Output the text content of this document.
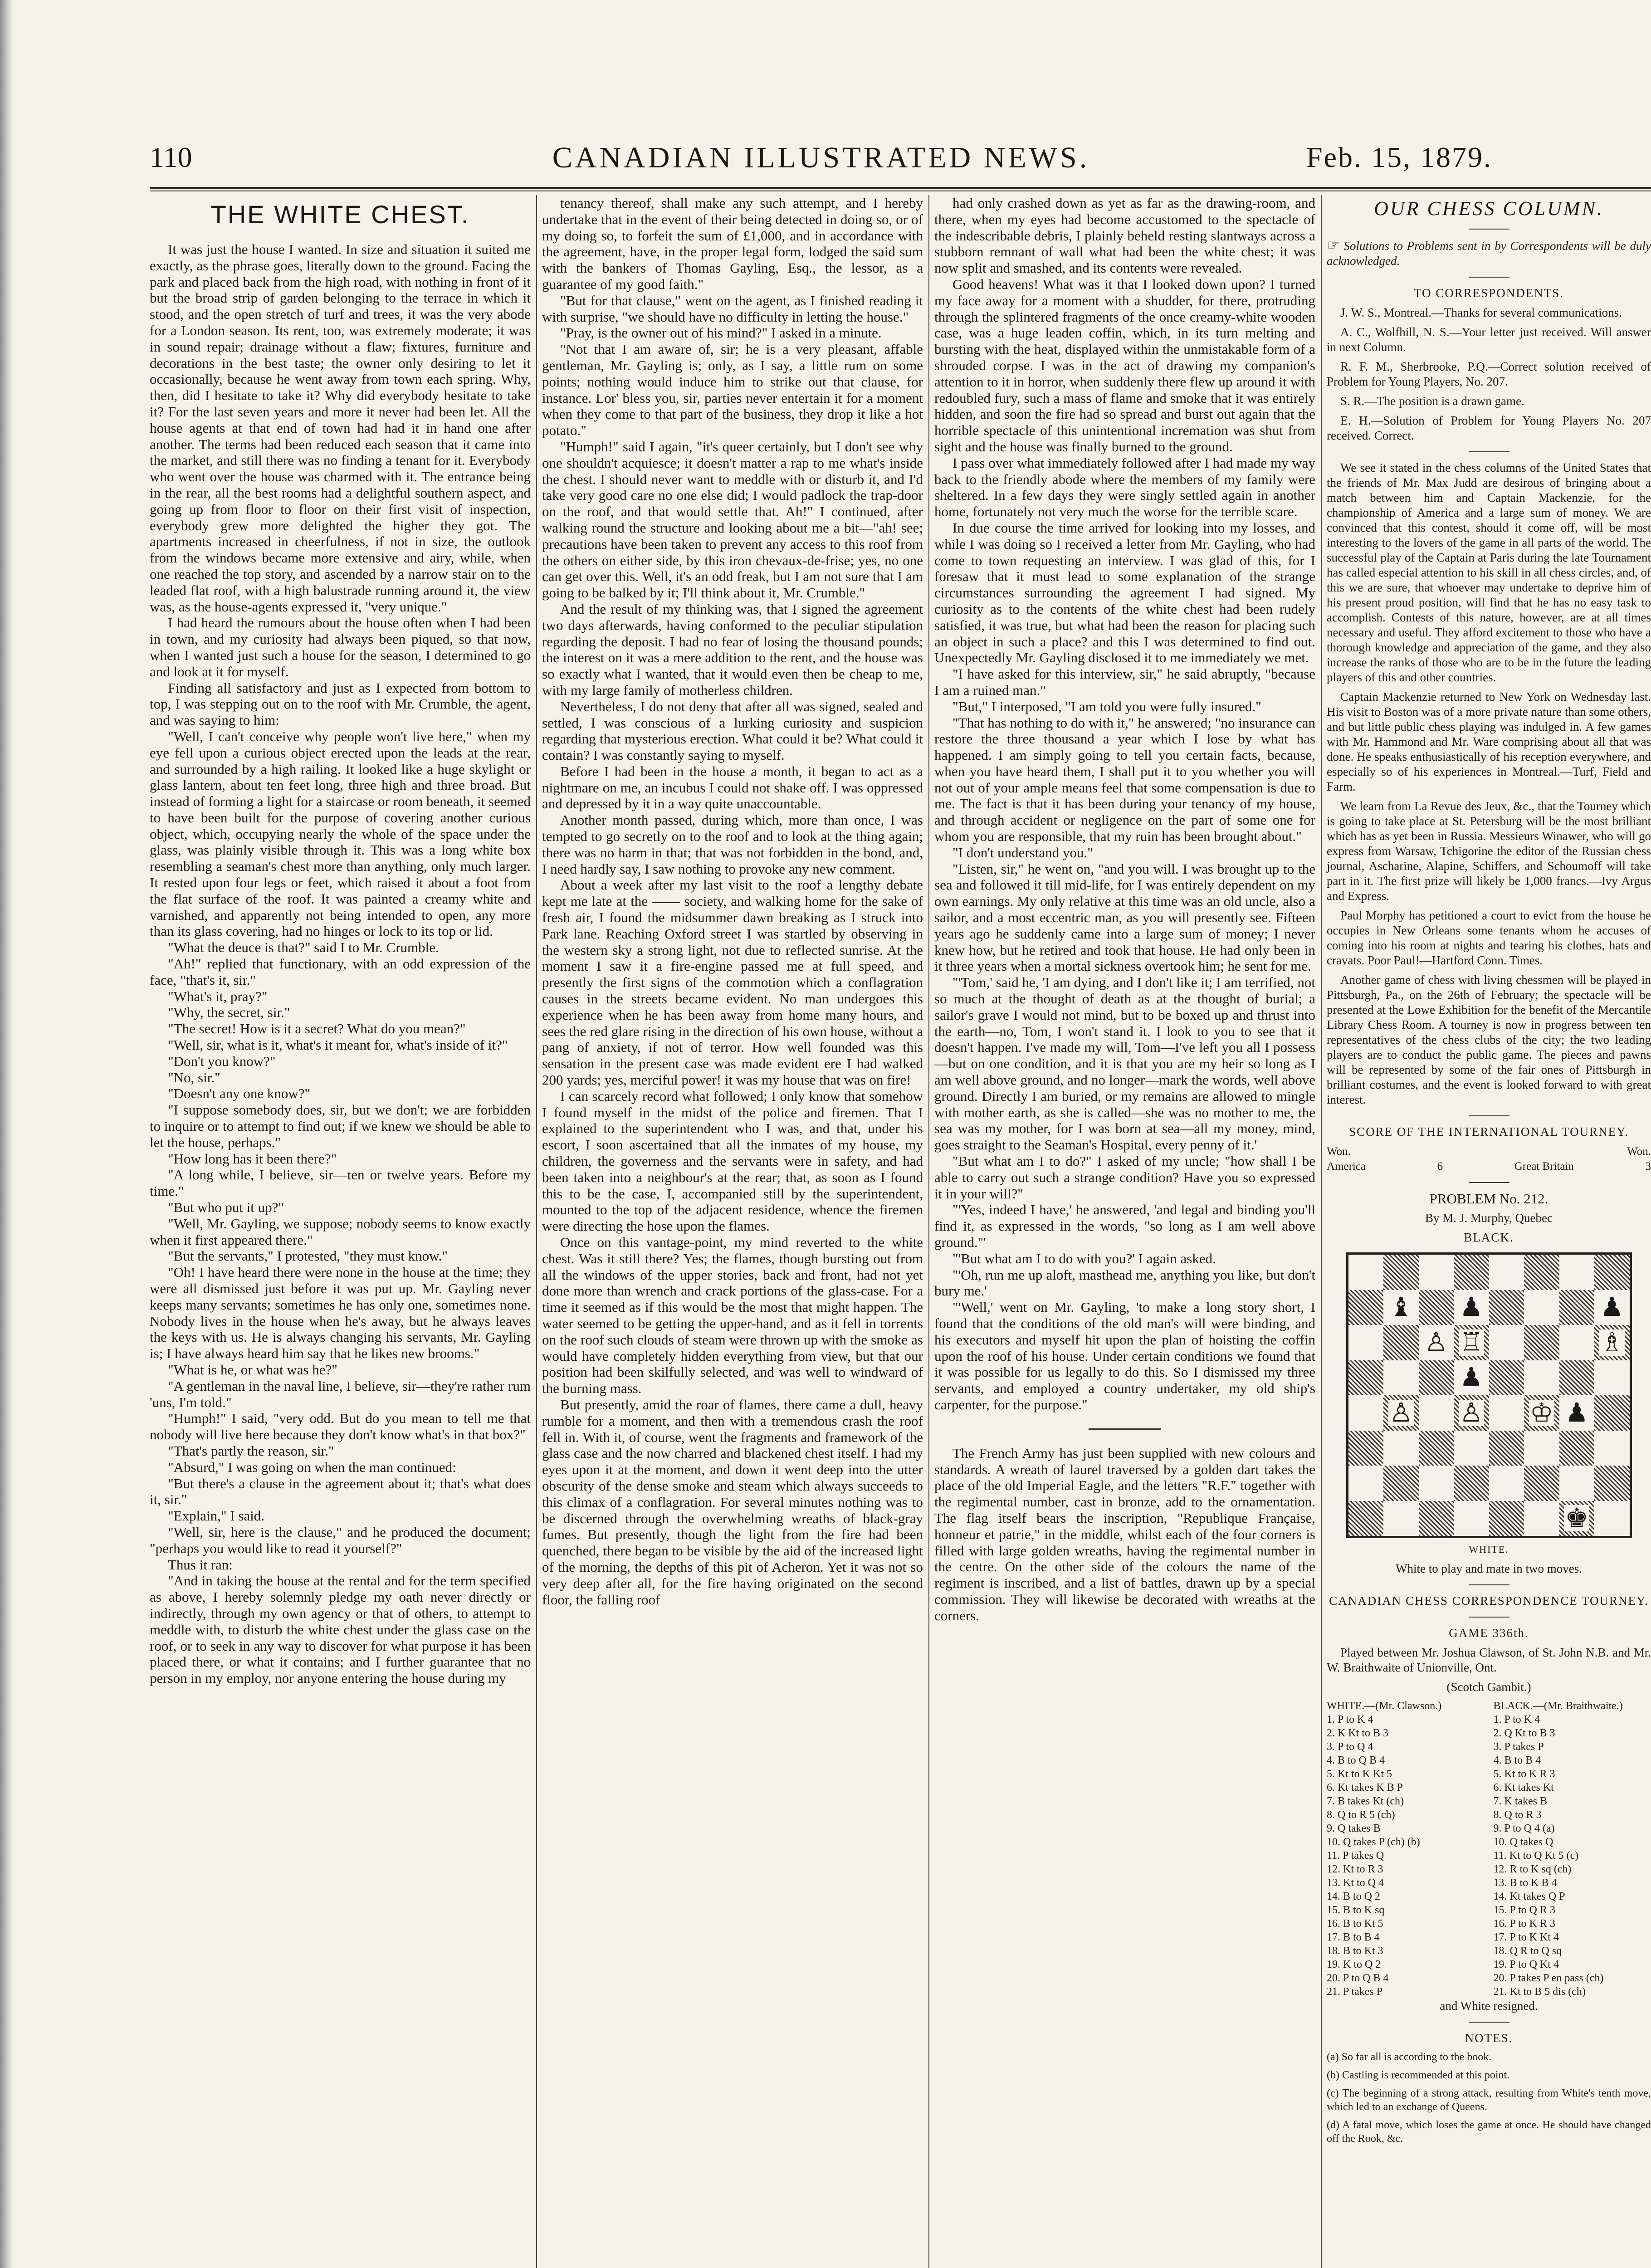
110	CANADIAN ILLUSTRATED NEWS.	Feb. 15, 1879.
THE WHITE CHEST.

It was just the house I wanted. In size and situation it suited me exactly, as the phrase goes, literally down to the ground. Facing the park and placed back from the high road, with nothing in front of it but the broad strip of garden belonging to the terrace in which it stood, and the open stretch of turf and trees, it was the very abode for a London season. Its rent, too, was extremely moderate; it was in sound repair; drainage without a flaw; fixtures, furniture and decorations in the best taste; the owner only desiring to let it occasionally, because he went away from town each spring. Why, then, did I hesitate to take it? Why did everybody hesitate to take it? For the last seven years and more it never had been let. All the house agents at that end of town had had it in hand one after another. The terms had been reduced each season that it came into the market, and still there was no finding a tenant for it. Everybody who went over the house was charmed with it. The entrance being in the rear, all the best rooms had a delightful southern aspect, and going up from floor to floor on their first visit of inspection, everybody grew more delighted the higher they got. The apartments increased in cheerfulness, if not in size, the outlook from the windows became more extensive and airy, while, when one reached the top story, and ascended by a narrow stair on to the leaded flat roof, with a high balustrade running around it, the view was, as the house-agents expressed it, "very unique."

I had heard the rumours about the house often when I had been in town, and my curiosity had always been piqued, so that now, when I wanted just such a house for the season, I determined to go and look at it for myself.

Finding all satisfactory and just as I expected from bottom to top, I was stepping out on to the roof with Mr. Crumble, the agent, and was saying to him:

"Well, I can't conceive why people won't live here," when my eye fell upon a curious object erected upon the leads at the rear, and surrounded by a high railing. It looked like a huge skylight or glass lantern, about ten feet long, three high and three broad. But instead of forming a light for a staircase or room beneath, it seemed to have been built for the purpose of covering another curious object, which, occupying nearly the whole of the space under the glass, was plainly visible through it. This was a long white box resembling a seaman's chest more than anything, only much larger. It rested upon four legs or feet, which raised it about a foot from the flat surface of the roof. It was painted a creamy white and varnished, and apparently not being intended to open, any more than its glass covering, had no hinges or lock to its top or lid.

"What the deuce is that?" said I to Mr. Crumble.

"Ah!" replied that functionary, with an odd expression of the face, "that's it, sir."

"What's it, pray?"

"Why, the secret, sir."

"The secret! How is it a secret? What do you mean?"

"Well, sir, what is it, what's it meant for, what's inside of it?"

"Don't you know?"

"No, sir."

"Doesn't any one know?"

"I suppose somebody does, sir, but we don't; we are forbidden to inquire or to attempt to find out; if we knew we should be able to let the house, perhaps."

"How long has it been there?"

"A long while, I believe, sir—ten or twelve years. Before my time."

"But who put it up?"

"Well, Mr. Gayling, we suppose; nobody seems to know exactly when it first appeared there."

"But the servants," I protested, "they must know."

"Oh! I have heard there were none in the house at the time; they were all dismissed just before it was put up. Mr. Gayling never keeps many servants; sometimes he has only one, sometimes none. Nobody lives in the house when he's away, but he always leaves the keys with us. He is always changing his servants, Mr. Gayling is; I have always heard him say that he likes new brooms."

"What is he, or what was he?"

"A gentleman in the naval line, I believe, sir—they're rather rum 'uns, I'm told."

"Humph!" I said, "very odd. But do you mean to tell me that nobody will live here because they don't know what's in that box?"

"That's partly the reason, sir."

"Absurd," I was going on when the man continued:

"But there's a clause in the agreement about it; that's what does it, sir."

"Explain," I said.

"Well, sir, here is the clause," and he produced the document; "perhaps you would like to read it yourself?"

Thus it ran:

"And in taking the house at the rental and for the term specified as above, I hereby solemnly pledge my oath never directly or indirectly, through my own agency or that of others, to attempt to meddle with, to disturb the white chest under the glass case on the roof, or to seek in any way to discover for what purpose it has been placed there, or what it contains; and I further guarantee that no person in my employ, nor anyone entering the house during my

tenancy thereof, shall make any such attempt, and I hereby undertake that in the event of their being detected in doing so, or of my doing so, to forfeit the sum of £1,000, and in accordance with the agreement, have, in the proper legal form, lodged the said sum with the bankers of Thomas Gayling, Esq., the lessor, as a guarantee of my good faith."

"But for that clause," went on the agent, as I finished reading it with surprise, "we should have no difficulty in letting the house."

"Pray, is the owner out of his mind?" I asked in a minute.

"Not that I am aware of, sir; he is a very pleasant, affable gentleman, Mr. Gayling is; only, as I say, a little rum on some points; nothing would induce him to strike out that clause, for instance. Lor' bless you, sir, parties never entertain it for a moment when they come to that part of the business, they drop it like a hot potato."

"Humph!" said I again, "it's queer certainly, but I don't see why one shouldn't acquiesce; it doesn't matter a rap to me what's inside the chest. I should never want to meddle with or disturb it, and I'd take very good care no one else did; I would padlock the trap-door on the roof, and that would settle that. Ah!" I continued, after walking round the structure and looking about me a bit—"ah! see; precautions have been taken to prevent any access to this roof from the others on either side, by this iron chevaux-de-frise; yes, no one can get over this. Well, it's an odd freak, but I am not sure that I am going to be balked by it; I'll think about it, Mr. Crumble."

And the result of my thinking was, that I signed the agreement two days afterwards, having conformed to the peculiar stipulation regarding the deposit. I had no fear of losing the thousand pounds; the interest on it was a mere addition to the rent, and the house was so exactly what I wanted, that it would even then be cheap to me, with my large family of motherless children.

Nevertheless, I do not deny that after all was signed, sealed and settled, I was conscious of a lurking curiosity and suspicion regarding that mysterious erection. What could it be? What could it contain? I was constantly saying to myself.

Before I had been in the house a month, it began to act as a nightmare on me, an incubus I could not shake off. I was oppressed and depressed by it in a way quite unaccountable.

Another month passed, during which, more than once, I was tempted to go secretly on to the roof and to look at the thing again; there was no harm in that; that was not forbidden in the bond, and, I need hardly say, I saw nothing to provoke any new comment.

About a week after my last visit to the roof a lengthy debate kept me late at the —— society, and walking home for the sake of fresh air, I found the midsummer dawn breaking as I struck into Park lane. Reaching Oxford street I was startled by observing in the western sky a strong light, not due to reflected sunrise. At the moment I saw it a fire-engine passed me at full speed, and presently the first signs of the commotion which a conflagration causes in the streets became evident. No man undergoes this experience when he has been away from home many hours, and sees the red glare rising in the direction of his own house, without a pang of anxiety, if not of terror. How well founded was this sensation in the present case was made evident ere I had walked 200 yards; yes, merciful power! it was my house that was on fire!

I can scarcely record what followed; I only know that somehow I found myself in the midst of the police and firemen. That I explained to the superintendent who I was, and that, under his escort, I soon ascertained that all the inmates of my house, my children, the governess and the servants were in safety, and had been taken into a neighbour's at the rear; that, as soon as I found this to be the case, I, accompanied still by the superintendent, mounted to the top of the adjacent residence, whence the firemen were directing the hose upon the flames.

Once on this vantage-point, my mind reverted to the white chest. Was it still there? Yes; the flames, though bursting out from all the windows of the upper stories, back and front, had not yet done more than wrench and crack portions of the glass-case. For a time it seemed as if this would be the most that might happen. The water seemed to be getting the upper-hand, and as it fell in torrents on the roof such clouds of steam were thrown up with the smoke as would have completely hidden everything from view, but that our position had been skilfully selected, and was well to windward of the burning mass.

But presently, amid the roar of flames, there came a dull, heavy rumble for a moment, and then with a tremendous crash the roof fell in. With it, of course, went the fragments and framework of the glass case and the now charred and blackened chest itself. I had my eyes upon it at the moment, and down it went deep into the utter obscurity of the dense smoke and steam which always succeeds to this climax of a conflagration. For several minutes nothing was to be discerned through the overwhelming wreaths of black-gray fumes. But presently, though the light from the fire had been quenched, there began to be visible by the aid of the increased light of the morning, the depths of this pit of Acheron. Yet it was not so very deep after all, for the fire having originated on the second floor, the falling roof

had only crashed down as yet as far as the drawing-room, and there, when my eyes had become accustomed to the spectacle of the indescribable debris, I plainly beheld resting slantways across a stubborn remnant of wall what had been the white chest; it was now split and smashed, and its contents were revealed.

Good heavens! What was it that I looked down upon? I turned my face away for a moment with a shudder, for there, protruding through the splintered fragments of the once creamy-white wooden case, was a huge leaden coffin, which, in its turn melting and bursting with the heat, displayed within the unmistakable form of a shrouded corpse. I was in the act of drawing my companion's attention to it in horror, when suddenly there flew up around it with redoubled fury, such a mass of flame and smoke that it was entirely hidden, and soon the fire had so spread and burst out again that the horrible spectacle of this unintentional incremation was shut from sight and the house was finally burned to the ground.

I pass over what immediately followed after I had made my way back to the friendly abode where the members of my family were sheltered. In a few days they were singly settled again in another home, fortunately not very much the worse for the terrible scare.

In due course the time arrived for looking into my losses, and while I was doing so I received a letter from Mr. Gayling, who had come to town requesting an interview. I was glad of this, for I foresaw that it must lead to some explanation of the strange circumstances surrounding the agreement I had signed. My curiosity as to the contents of the white chest had been rudely satisfied, it was true, but what had been the reason for placing such an object in such a place? and this I was determined to find out. Unexpectedly Mr. Gayling disclosed it to me immediately we met.

"I have asked for this interview, sir," he said abruptly, "because I am a ruined man."

"But," I interposed, "I am told you were fully insured."

"That has nothing to do with it," he answered; "no insurance can restore the three thousand a year which I lose by what has happened. I am simply going to tell you certain facts, because, when you have heard them, I shall put it to you whether you will not out of your ample means feel that some compensation is due to me. The fact is that it has been during your tenancy of my house, and through accident or negligence on the part of some one for whom you are responsible, that my ruin has been brought about."

"I don't understand you."

"Listen, sir," he went on, "and you will. I was brought up to the sea and followed it till mid-life, for I was entirely dependent on my own earnings. My only relative at this time was an old uncle, also a sailor, and a most eccentric man, as you will presently see. Fifteen years ago he suddenly came into a large sum of money; I never knew how, but he retired and took that house. He had only been in it three years when a mortal sickness overtook him; he sent for me.

"'Tom,' said he, 'I am dying, and I don't like it; I am terrified, not so much at the thought of death as at the thought of burial; a sailor's grave I would not mind, but to be boxed up and thrust into the earth—no, Tom, I won't stand it. I look to you to see that it doesn't happen. I've made my will, Tom—I've left you all I possess—but on one condition, and it is that you are my heir so long as I am well above ground, and no longer—mark the words, well above ground. Directly I am buried, or my remains are allowed to mingle with mother earth, as she is called—she was no mother to me, the sea was my mother, for I was born at sea—all my money, mind, goes straight to the Seaman's Hospital, every penny of it.'

"But what am I to do?" I asked of my uncle; "how shall I be able to carry out such a strange condition? Have you so expressed it in your will?"

"'Yes, indeed I have,' he answered, 'and legal and binding you'll find it, as expressed in the words, "so long as I am well above ground."'

"'But what am I to do with you?' I again asked.

"'Oh, run me up aloft, masthead me, anything you like, but don't bury me.'

"'Well,' went on Mr. Gayling, 'to make a long story short, I found that the conditions of the old man's will were binding, and his executors and myself hit upon the plan of hoisting the coffin upon the roof of his house. Under certain conditions we found that it was possible for us legally to do this. So I dismissed my three servants, and employed a country undertaker, my old ship's carpenter, for the purpose."

The French Army has just been supplied with new colours and standards. A wreath of laurel traversed by a golden dart takes the place of the old Imperial Eagle, and the letters "R.F." together with the regimental number, cast in bronze, add to the ornamentation. The flag itself bears the inscription, "Republique Française, honneur et patrie," in the middle, whilst each of the four corners is filled with large golden wreaths, having the regimental number in the centre. On the other side of the colours the name of the regiment is inscribed, and a list of battles, drawn up by a special commission. They will likewise be decorated with wreaths at the corners.

OUR CHESS COLUMN.

☞ Solutions to Problems sent in by Correspondents will be duly acknowledged.

TO CORRESPONDENTS.

J. W. S., Montreal.—Thanks for several communications.

A. C., Wolfhill, N. S.—Your letter just received. Will answer in next Column.

R. F. M., Sherbrooke, P.Q.—Correct solution received of Problem for Young Players, No. 207.

S. R.—The position is a drawn game.

E. H.—Solution of Problem for Young Players No. 207 received. Correct.

We see it stated in the chess columns of the United States that the friends of Mr. Max Judd are desirous of bringing about a match between him and Captain Mackenzie, for the championship of America and a large sum of money. We are convinced that this contest, should it come off, will be most interesting to the lovers of the game in all parts of the world. The successful play of the Captain at Paris during the late Tournament has called especial attention to his skill in all chess circles, and, of this we are sure, that whoever may undertake to deprive him of his present proud position, will find that he has no easy task to accomplish. Contests of this nature, however, are at all times necessary and useful. They afford excitement to those who have a thorough knowledge and appreciation of the game, and they also increase the ranks of those who are to be in the future the leading players of this and other countries.

Captain Mackenzie returned to New York on Wednesday last. His visit to Boston was of a more private nature than some others, and but little public chess playing was indulged in. A few games with Mr. Hammond and Mr. Ware comprising about all that was done. He speaks enthusiastically of his reception everywhere, and especially so of his experiences in Montreal.—Turf, Field and Farm.

We learn from La Revue des Jeux, &c., that the Tourney which is going to take place at St. Petersburg will be the most brilliant which has as yet been in Russia. Messieurs Winawer, who will go express from Warsaw, Tchigorine the editor of the Russian chess journal, Ascharine, Alapine, Schiffers, and Schoumoff will take part in it. The first prize will likely be 1,000 francs.—Ivy Argus and Express.

Paul Morphy has petitioned a court to evict from the house he occupies in New Orleans some tenants whom he accuses of coming into his room at nights and tearing his clothes, hats and cravats. Poor Paul!—Hartford Conn. Times.

Another game of chess with living chessmen will be played in Pittsburgh, Pa., on the 26th of February; the spectacle will be presented at the Lowe Exhibition for the benefit of the Mercantile Library Chess Room. A tourney is now in progress between ten representatives of the chess clubs of the city; the two leading players are to conduct the public game. The pieces and pawns will be represented by some of the fair ones of Pittsburgh in brilliant costumes, and the event is looked forward to with great interest.

SCORE OF THE INTERNATIONAL TOURNEY.

Won.	Won.
America	6	Great Britain	3

PROBLEM No. 212.

By M. J. Murphy, Quebec

BLACK.

♝ ♟	♟
♙ ♖	♗
♟
♙ ♙ ♔ ♟
♚

WHITE.

White to play and mate in two moves.

CANADIAN CHESS CORRESPONDENCE TOURNEY.

GAME 336th.

Played between Mr. Joshua Clawson, of St. John N.B. and Mr. W. Braithwaite of Unionville, Ont.

(Scotch Gambit.)

WHITE.—(Mr. Clawson.)	BLACK.—(Mr. Braithwaite.)
1. P to K 4	1. P to K 4
2. K Kt to B 3	2. Q Kt to B 3
3. P to Q 4	3. P takes P
4. B to Q B 4	4. B to B 4
5. Kt to K Kt 5	5. Kt to K R 3
6. Kt takes K B P	6. Kt takes Kt
7. B takes Kt (ch)	7. K takes B
8. Q to R 5 (ch)	8. Q to R 3
9. Q takes B	9. P to Q 4 (a)
10. Q takes P (ch) (b)	10. Q takes Q
11. P takes Q	11. Kt to Q Kt 5 (c)
12. Kt to R 3	12. R to K sq (ch)
13. Kt to Q 4	13. B to K B 4
14. B to Q 2	14. Kt takes Q P
15. B to K sq	15. P to Q R 3
16. B to Kt 5	16. P to K R 3
17. B to B 4	17. P to K Kt 4
18. B to Kt 3	18. Q R to Q sq
19. K to Q 2	19. P to Q Kt 4
20. P to Q B 4	20. P takes P en pass (ch)
21. P takes P	21. Kt to B 5 dis (ch)

and White resigned.

NOTES.

(a) So far all is according to the book.

(b) Castling is recommended at this point.

(c) The beginning of a strong attack, resulting from White's tenth move, which led to an exchange of Queens.

(d) A fatal move, which loses the game at once. He should have changed off the Rook, &c.
